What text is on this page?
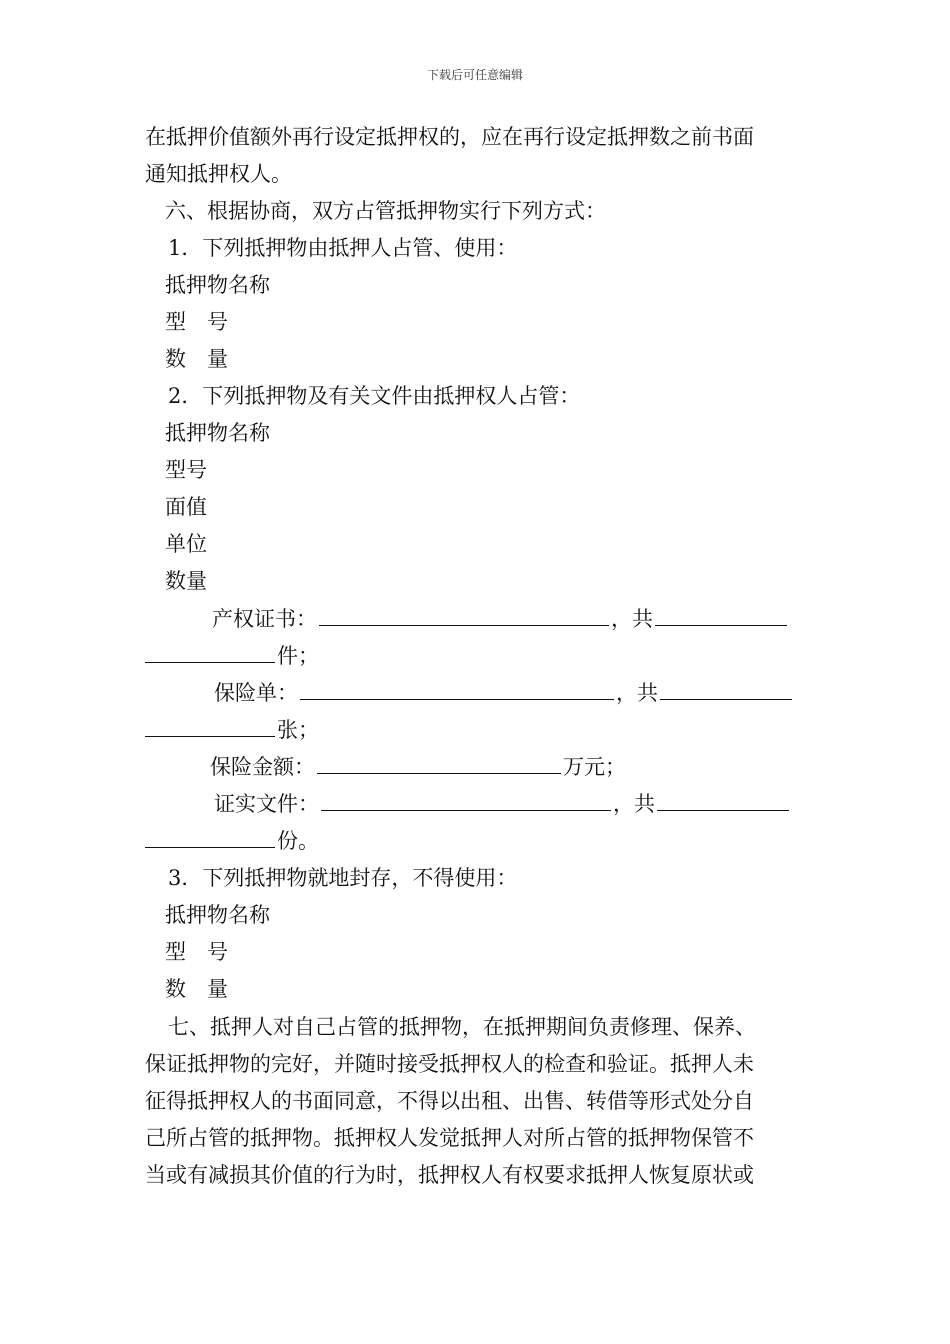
下载后可任意编辑
在抵押价值额外再行设定抵押权的，应在再行设定抵押数之前书面
通知抵押权人。
六、根据协商，双方占管抵押物实行下列方式：
1．下列抵押物由抵押人占管、使用：
抵押物名称
型　号
数　量
2．下列抵押物及有关文件由抵押权人占管：
抵押物名称
型号
面值
单位
数量
产权证书：	，共
件；
保险单：	，共
张；
保险金额：	万元；
证实文件：	，共
份。
3．下列抵押物就地封存，不得使用：
抵押物名称
型　号
数　量
七、抵押人对自己占管的抵押物，在抵押期间负责修理、保养、
保证抵押物的完好，并随时接受抵押权人的检查和验证。抵押人未
征得抵押权人的书面同意，不得以出租、出售、转借等形式处分自
己所占管的抵押物。抵押权人发觉抵押人对所占管的抵押物保管不
当或有减损其价值的行为时，抵押权人有权要求抵押人恢复原状或
